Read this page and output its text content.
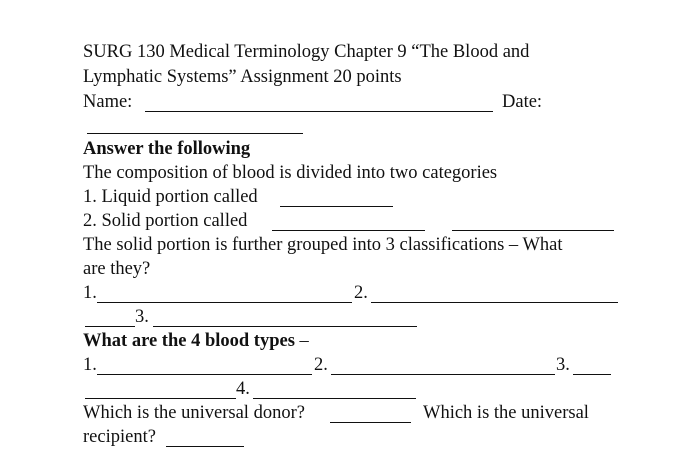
SURG 130 Medical Terminology Chapter 9 “The Blood and
Lymphatic Systems” Assignment 20 points
Name:	Date:
Answer the following
The composition of blood is divided into two categories
1. Liquid portion called
2. Solid portion called
The solid portion is further grouped into 3 classifications – What
are they?
1.	2.
3.
What are the 4 blood types –
1.	2.	3.
4.
Which is the universal donor?	Which is the universal
recipient?
